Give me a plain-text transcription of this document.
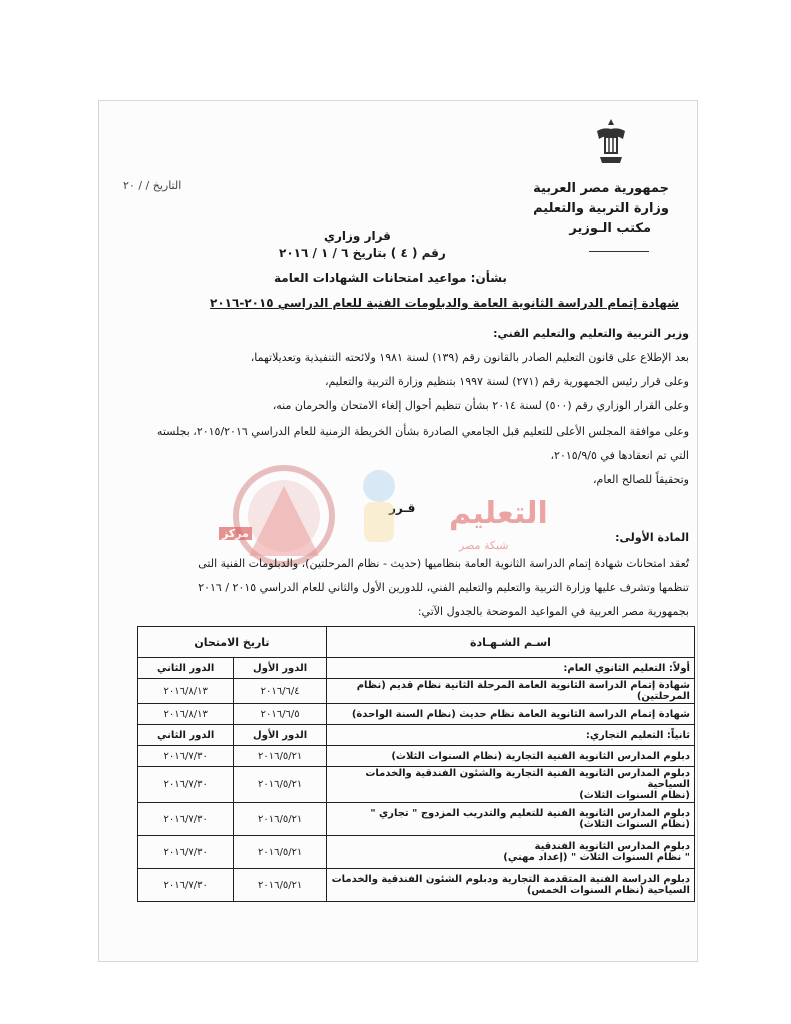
جمهورية مصر العربية
وزارة التربية والتعليم
مكتب الـوزير
التاريخ / / ٢٠
قرار وزاري
رقم ( ٤ ) بتاريخ ٦ / ١ / ٢٠١٦
بشأن: مواعيد امتحانات الشهادات العامة
شهادة إتمام الدراسة الثانوية العامة والدبلومات الفنية للعام الدراسي ٢٠١٥-٢٠١٦
وزير التربية والتعليم والتعليم الفني:
بعد الإطلاع على قانون التعليم الصادر بالقانون رقم (١٣٩) لسنة ١٩٨١ ولائحته التنفيذية وتعديلاتهما،
وعلى قرار رئيس الجمهورية رقم (٢٧١) لسنة ١٩٩٧ بتنظيم وزارة التربية والتعليم،
وعلى القرار الوزاري رقم (٥٠٠) لسنة ٢٠١٤ بشأن تنظيم أحوال إلغاء الامتحان والحرمان منه،
وعلى موافقة المجلس الأعلى للتعليم قبل الجامعي الصادرة بشأن الخريطة الزمنية للعام الدراسي ٢٠١٥/٢٠١٦، بجلسته
التي تم انعقادها في ٢٠١٥/٩/٥،
وتحقيقاً للصالح العام،
قـرر
مركز
التعليم
شبكة مصر
المادة الأولى:
تُعقد امتحانات شهادة إتمام الدراسة الثانوية العامة بنظاميها (حديث - نظام المرحلتين)، والدبلومات الفنية التى
تنظمها وتشرف عليها وزارة التربية والتعليم والتعليم الفني، للدورين الأول والثاني للعام الدراسي ٢٠١٥ / ٢٠١٦
بجمهورية مصر العربية في المواعيد الموضحة بالجدول الآتي:
اسـم الشـهـادة	تاريخ الامتحان	
أولاً: التعليم الثانوي العام:	الدور الأول	الدور الثاني
شهادة إتمام الدراسة الثانوية العامة المرحلة الثانية نظام قديم (نظام المرحلتين)	٢٠١٦/٦/٤	٢٠١٦/٨/١٣
شهادة إتمام الدراسة الثانوية العامة نظام حديث (نظام السنة الواحدة)	٢٠١٦/٦/٥	٢٠١٦/٨/١٣
ثانياً: التعليم التجاري:	الدور الأول	الدور الثاني
دبلوم المدارس الثانوية الفنية التجارية (نظام السنوات الثلاث)	٢٠١٦/٥/٢١	٢٠١٦/٧/٣٠

دبلوم المدارس الثانوية الفنية التجارية والشئون الفندقية والخدمات السياحية
(نظام السنوات الثلاث)	٢٠١٦/٥/٢١	٢٠١٦/٧/٣٠

دبلوم المدارس الثانوية الفنية للتعليم والتدريب المزدوج " تجاري "
(نظام السنوات الثلاث)	٢٠١٦/٥/٢١	٢٠١٦/٧/٣٠

دبلوم المدارس الثانوية الفندقية
" نظام السنوات الثلاث " (إعداد مهني)	٢٠١٦/٥/٢١	٢٠١٦/٧/٣٠

دبلوم الدراسة الفنية المتقدمة التجارية ودبلوم الشئون الفندقية والخدمات
السياحية (نظام السنوات الخمس)	٢٠١٦/٥/٢١	٢٠١٦/٧/٣٠
